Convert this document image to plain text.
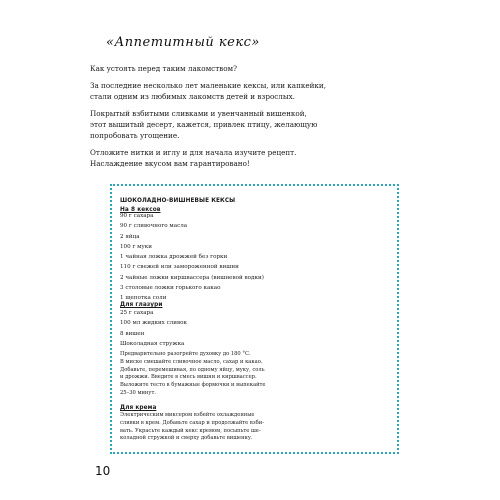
«Аппетитный кекс»
Как устоять перед таким лакомством?
За последние несколько лет маленькие кексы, или капкейки,
стали одним из любимых лакомств детей и взрослых.
Покрытый взбитыми сливками и увенчанный вишенкой,
этот вышитый десерт, кажется, привлек птицу, желающую
попробовать угощение.
Отложите нитки и иглу и для начала изучите рецепт.
Наслаждение вкусом вам гарантировано!
ШОКОЛАДНО-ВИШНЕВЫЕ КЕКСЫ
На 8 кексов
90 г сахара
90 г сливочного масла
2 яйца
100 г муки
1 чайная ложка дрожжей без горки
110 г свежей или замороженной вишни
2 чайные ложки киршвассера (вишневой водки)
3 столовые ложки горького какао
1 щепотка соли
Для глазури
25 г сахара
100 мл жидких сливок
8 вишен
Шоколадная стружка
Предварительно разогрейте духовку до 180 °C.
В миске смешайте сливочное масло, сахар и какао.
Добавьте, перемешивая, по одному яйцу, муку, соль
и дрожжи. Введите в смесь вишни и киршвассер.
Выложите тесто в бумажные формочки и выпекайте
25–30 минут.
Для крема
Электрическим миксером взбейте охлажденные
сливки в крем. Добавьте сахар и продолжайте взби-
вать. Украсьте каждый кекс кремом, посыпьте ше-
коладной стружкой и сверху добавьте вишенку.
10
